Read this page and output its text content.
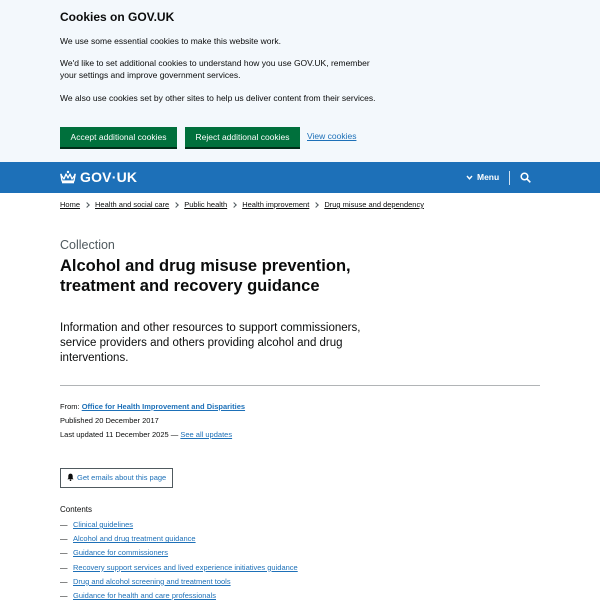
Cookies on GOV.UK

We use some essential cookies to make this website work.

We'd like to set additional cookies to understand how you use GOV.UK, remember your settings and improve government services.

We also use cookies set by other sites to help us deliver content from their services.

Accept additional cookies	Reject additional cookies	View cookies
GOV·UK	Menu
Home Health and social care Public health Health improvement Drug misuse and dependency
Collection
Alcohol and drug misuse prevention, treatment and recovery guidance

Information and other resources to support commissioners, service providers and others providing alcohol and drug interventions.

From: Office for Health Improvement and Disparities
Published 20 December 2017
Last updated 11 December 2025 — See all updates
Get emails about this page
Contents
— Clinical guidelines
— Alcohol and drug treatment guidance
— Guidance for commissioners
— Recovery support services and lived experience initiatives guidance
— Drug and alcohol screening and treatment tools
— Guidance for health and care professionals
